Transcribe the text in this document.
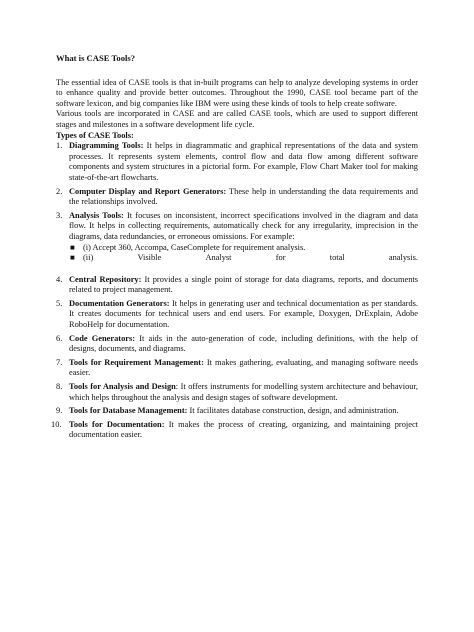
What is CASE Tools?

The essential idea of CASE tools is that in-built programs can help to analyze developing systems in order to enhance quality and provide better outcomes. Throughout the 1990, CASE tool became part of the software lexicon, and big companies like IBM were using these kinds of tools to help create software.

Various tools are incorporated in CASE and are called CASE tools, which are used to support different stages and milestones in a software development life cycle.

Types of CASE Tools:
1. Diagramming Tools: It helps in diagrammatic and graphical representations of the data and system processes. It represents system elements, control flow and data flow among different software components and system structures in a pictorial form. For example, Flow Chart Maker tool for making state-of-the-art flowcharts.
2. Computer Display and Report Generators: These help in understanding the data requirements and the relationships involved.
3. Analysis Tools: It focuses on inconsistent, incorrect specifications involved in the diagram and data flow. It helps in collecting requirements, automatically check for any irregularity, imprecision in the diagrams, data redundancies, or erroneous omissions. For example:
■ (i) Accept 360, Accompa, CaseComplete for requirement analysis.
■ (ii)	Visible	Analyst	for	total	analysis.
4. Central Repository: It provides a single point of storage for data diagrams, reports, and documents related to project management.
5. Documentation Generators: It helps in generating user and technical documentation as per standards. It creates documents for technical users and end users. For example, Doxygen, DrExplain, Adobe RoboHelp for documentation.
6. Code Generators: It aids in the auto-generation of code, including definitions, with the help of designs, documents, and diagrams.
7. Tools for Requirement Management: It makes gathering, evaluating, and managing software needs easier.
8. Tools for Analysis and Design: It offers instruments for modelling system architecture and behaviour, which helps throughout the analysis and design stages of software development.
9. Tools for Database Management: It facilitates database construction, design, and administration.
10. Tools for Documentation: It makes the process of creating, organizing, and maintaining project documentation easier.
